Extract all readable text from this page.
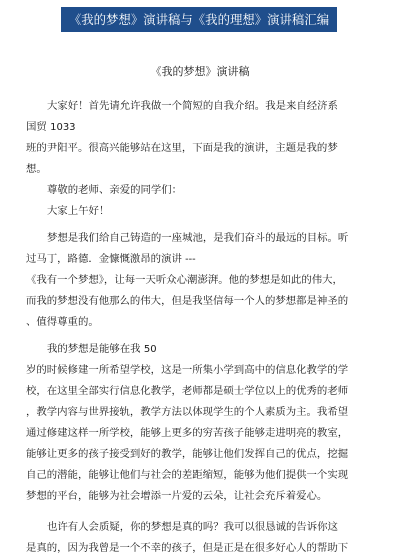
《我的梦想》演讲稿与《我的理想》演讲稿汇编
《我的梦想》演讲稿
大家好！首先请允许我做一个简短的自我介绍。我是来自经济系
国贸 1033
班的尹阳平。很高兴能够站在这里，下面是我的演讲，主题是我的梦
想。
尊敬的老师、亲爱的同学们：
大家上午好！
梦想是我们给自己铸造的一座城池，是我们奋斗的最远的目标。听
过马丁，路德．金慷慨激昂的演讲 ---
《我有一个梦想》，让每一天听众心潮澎湃。他的梦想是如此的伟大，
而我的梦想没有他那么的伟大，但是我坚信每一个人的梦想都是神圣的
、值得尊重的。
我的梦想是能够在我 50
岁的时候修建一所希望学校，这是一所集小学到高中的信息化教学的学
校，在这里全部实行信息化教学，老师都是硕士学位以上的优秀的老师
，教学内容与世界接轨，教学方法以体现学生的个人素质为主。我希望
通过修建这样一所学校，能够上更多的穷苦孩子能够走进明亮的教室，
能够让更多的孩子接受到好的教学，能够让他们发挥自己的优点，挖掘
自己的潜能，能够让他们与社会的差距缩短，能够为他们提供一个实现
梦想的平台，能够为社会增添一片爱的云朵，让社会充斥着爱心。
也许有人会质疑，你的梦想是真的吗？我可以很恳诚的告诉你这
是真的，因为我曾是一个不幸的孩子，但是正是在很多好心人的帮助下
